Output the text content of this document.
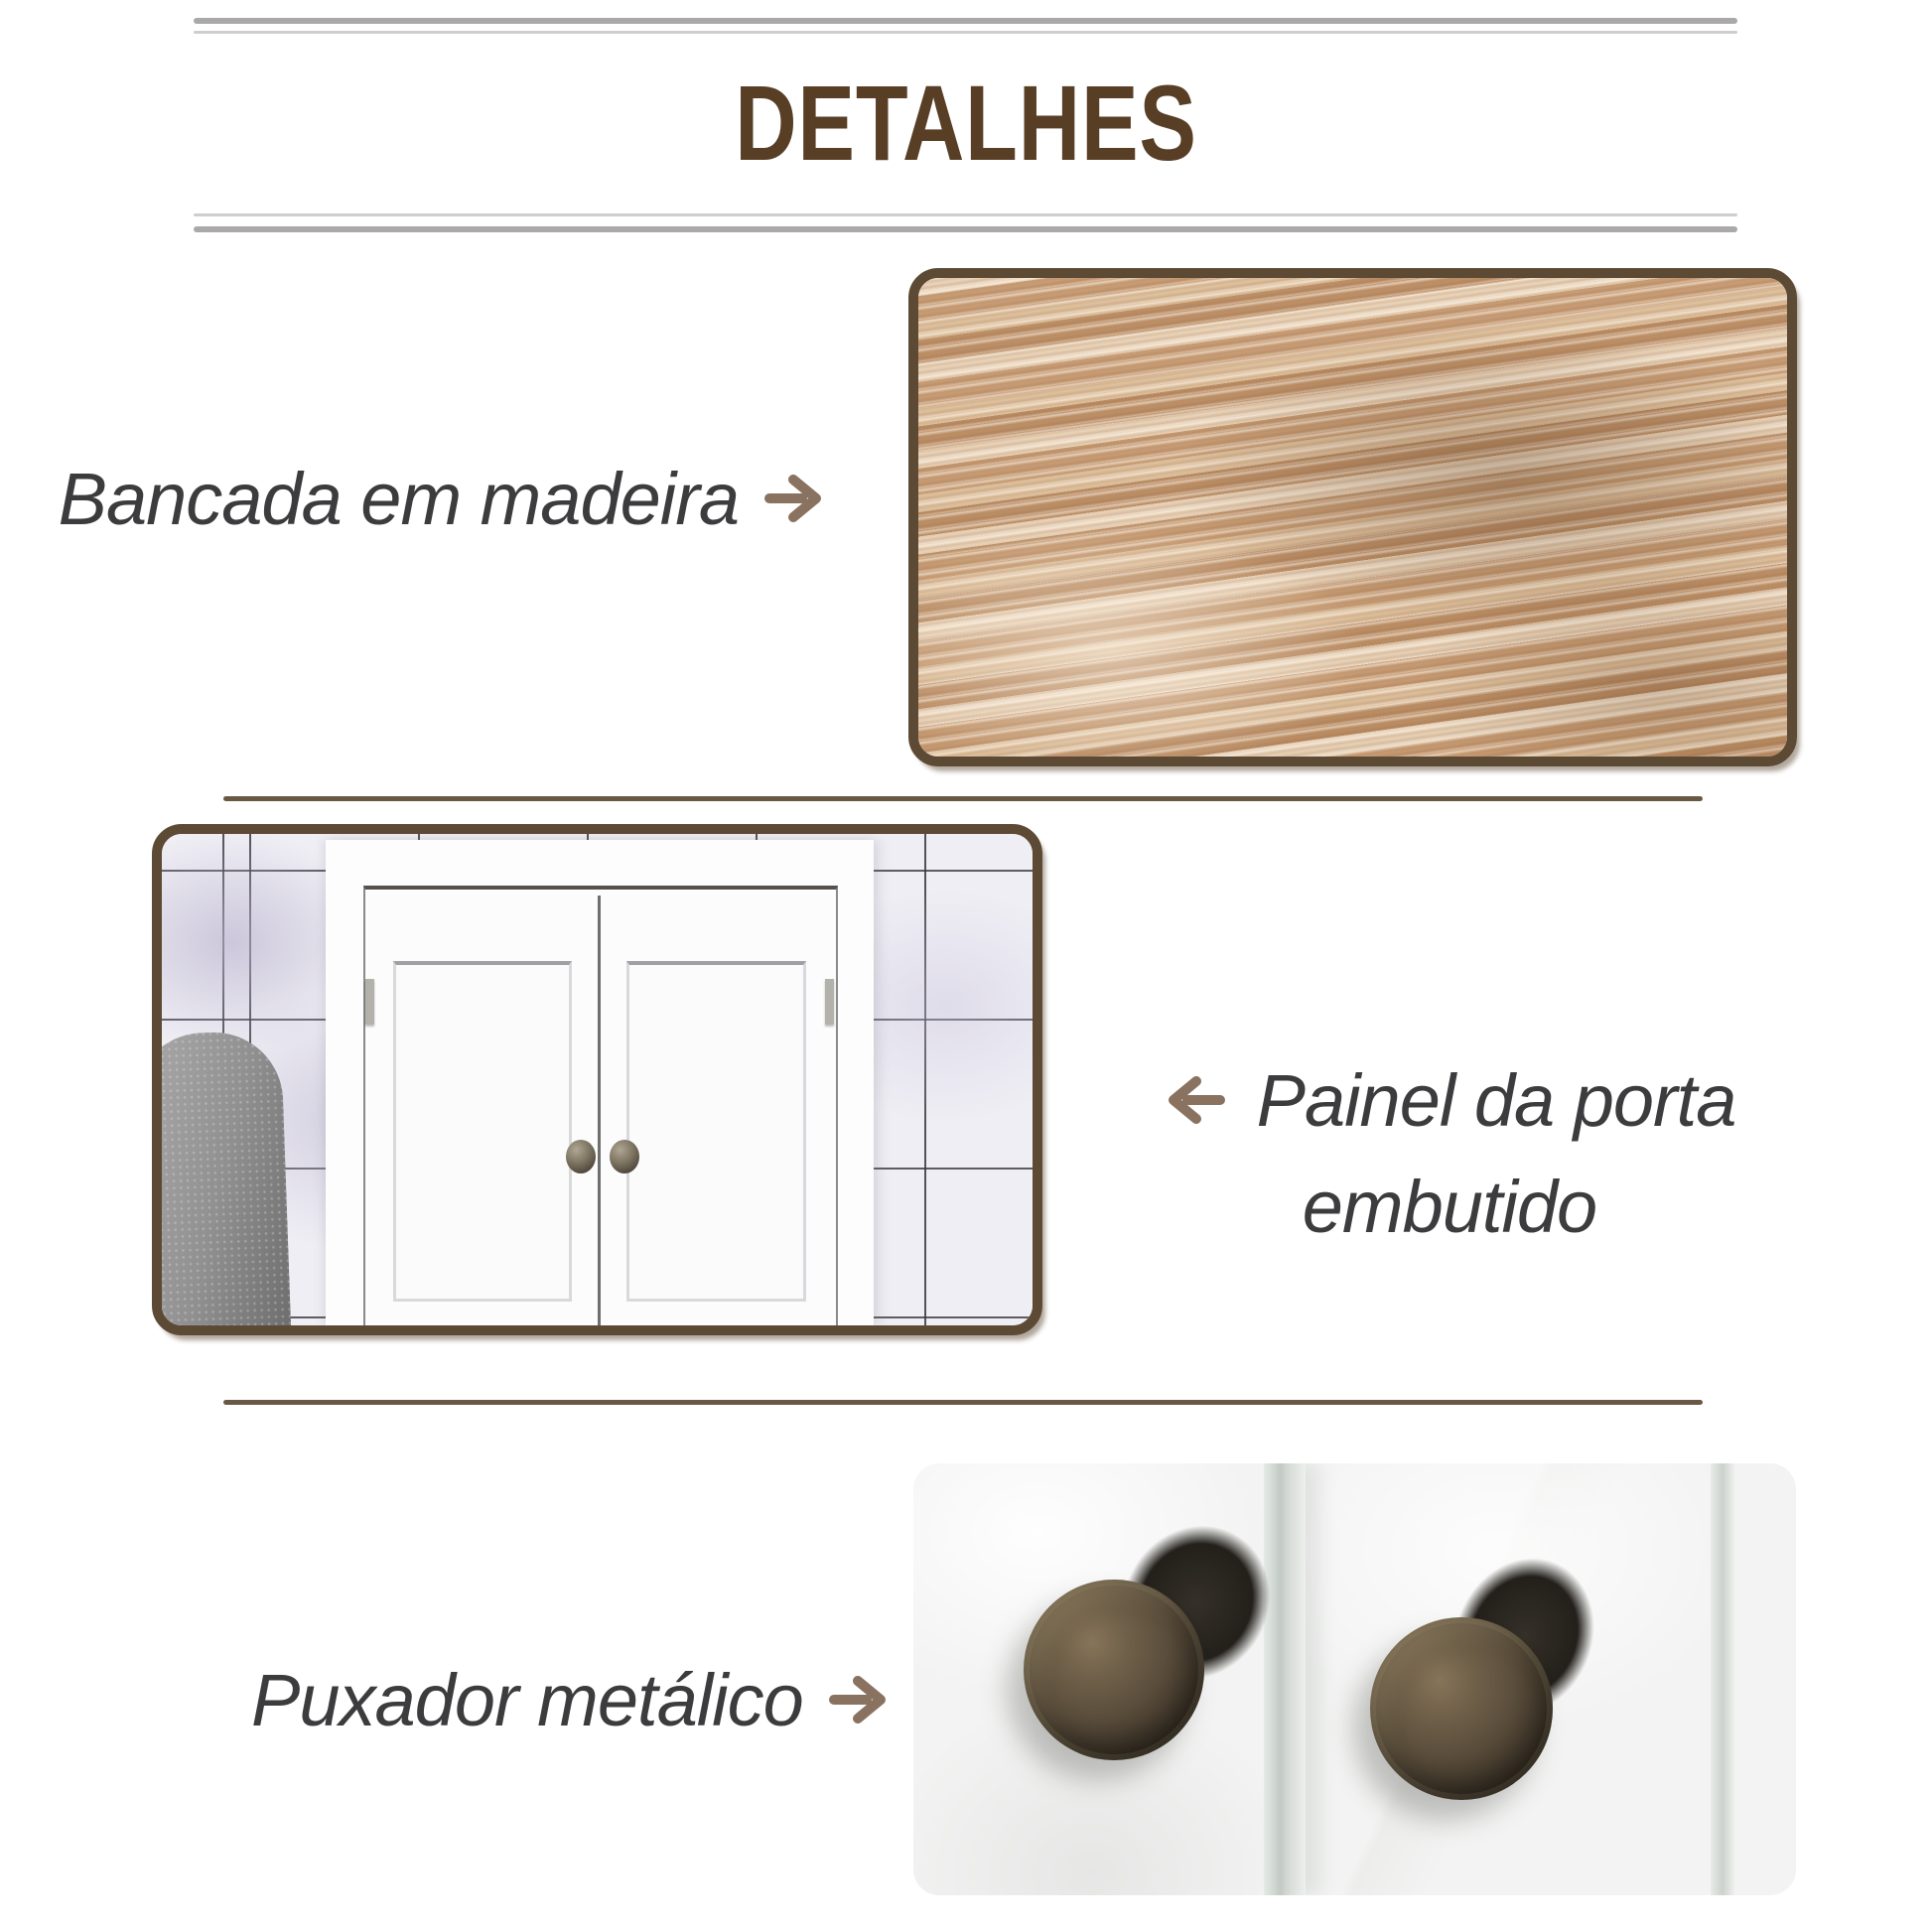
DETALHES
Bancada em madeira
Painel da porta
embutido
Puxador metálico
